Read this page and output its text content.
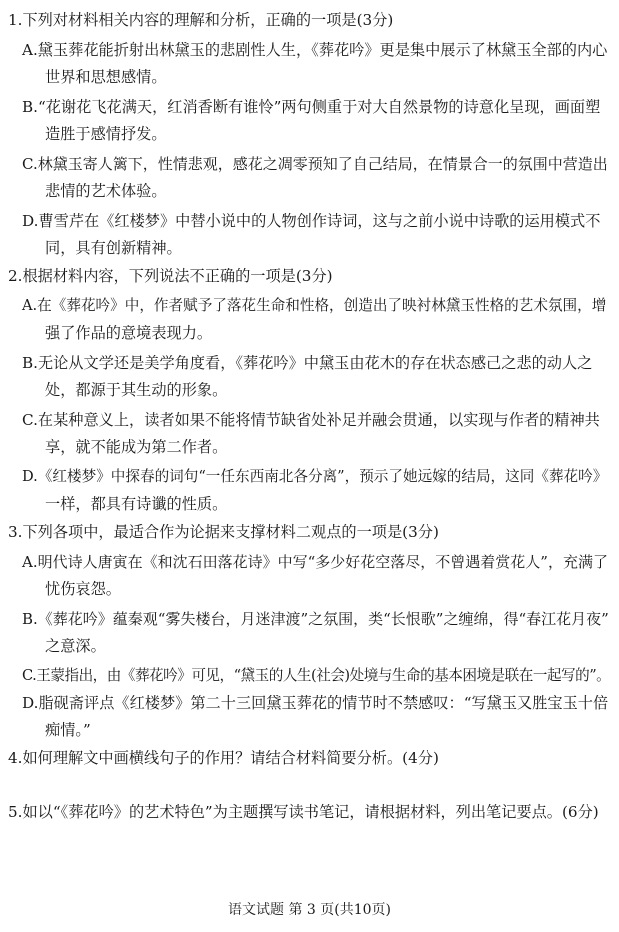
1.下列对材料相关内容的理解和分析，正确的一项是(3分)
A.黛玉葬花能折射出林黛玉的悲剧性人生，《葬花吟》更是集中展示了林黛玉全部的内心
世界和思想感情。
B.“花谢花飞花满天，红消香断有谁怜”两句侧重于对大自然景物的诗意化呈现，画面塑
造胜于感情抒发。
C.林黛玉寄人篱下，性情悲观，感花之凋零预知了自己结局，在情景合一的氛围中营造出
悲情的艺术体验。
D.曹雪芹在《红楼梦》中替小说中的人物创作诗词，这与之前小说中诗歌的运用模式不
同，具有创新精神。
2.根据材料内容，下列说法不正确的一项是(3分)
A.在《葬花吟》中，作者赋予了落花生命和性格，创造出了映衬林黛玉性格的艺术氛围，增
强了作品的意境表现力。
B.无论从文学还是美学角度看，《葬花吟》中黛玉由花木的存在状态感己之悲的动人之
处，都源于其生动的形象。
C.在某种意义上，读者如果不能将情节缺省处补足并融会贯通，以实现与作者的精神共
享，就不能成为第二作者。
D.《红楼梦》中探春的词句“一任东西南北各分离”，预示了她远嫁的结局，这同《葬花吟》
一样，都具有诗谶的性质。
3.下列各项中，最适合作为论据来支撑材料二观点的一项是(3分)
A.明代诗人唐寅在《和沈石田落花诗》中写“多少好花空落尽，不曾遇着赏花人”，充满了
忧伤哀怨。
B.《葬花吟》蕴秦观“雾失楼台，月迷津渡”之氛围，类“长恨歌”之缠绵，得“春江花月夜”
之意深。
C.王蒙指出，由《葬花吟》可见，“黛玉的人生(社会)处境与生命的基本困境是联在一起写的”。
D.脂砚斋评点《红楼梦》第二十三回黛玉葬花的情节时不禁感叹：“写黛玉又胜宝玉十倍
痴情。”
4.如何理解文中画横线句子的作用？请结合材料简要分析。(4分)
5.如以“《葬花吟》的艺术特色”为主题撰写读书笔记，请根据材料，列出笔记要点。(6分)
语文试题 第 3 页(共10页)
